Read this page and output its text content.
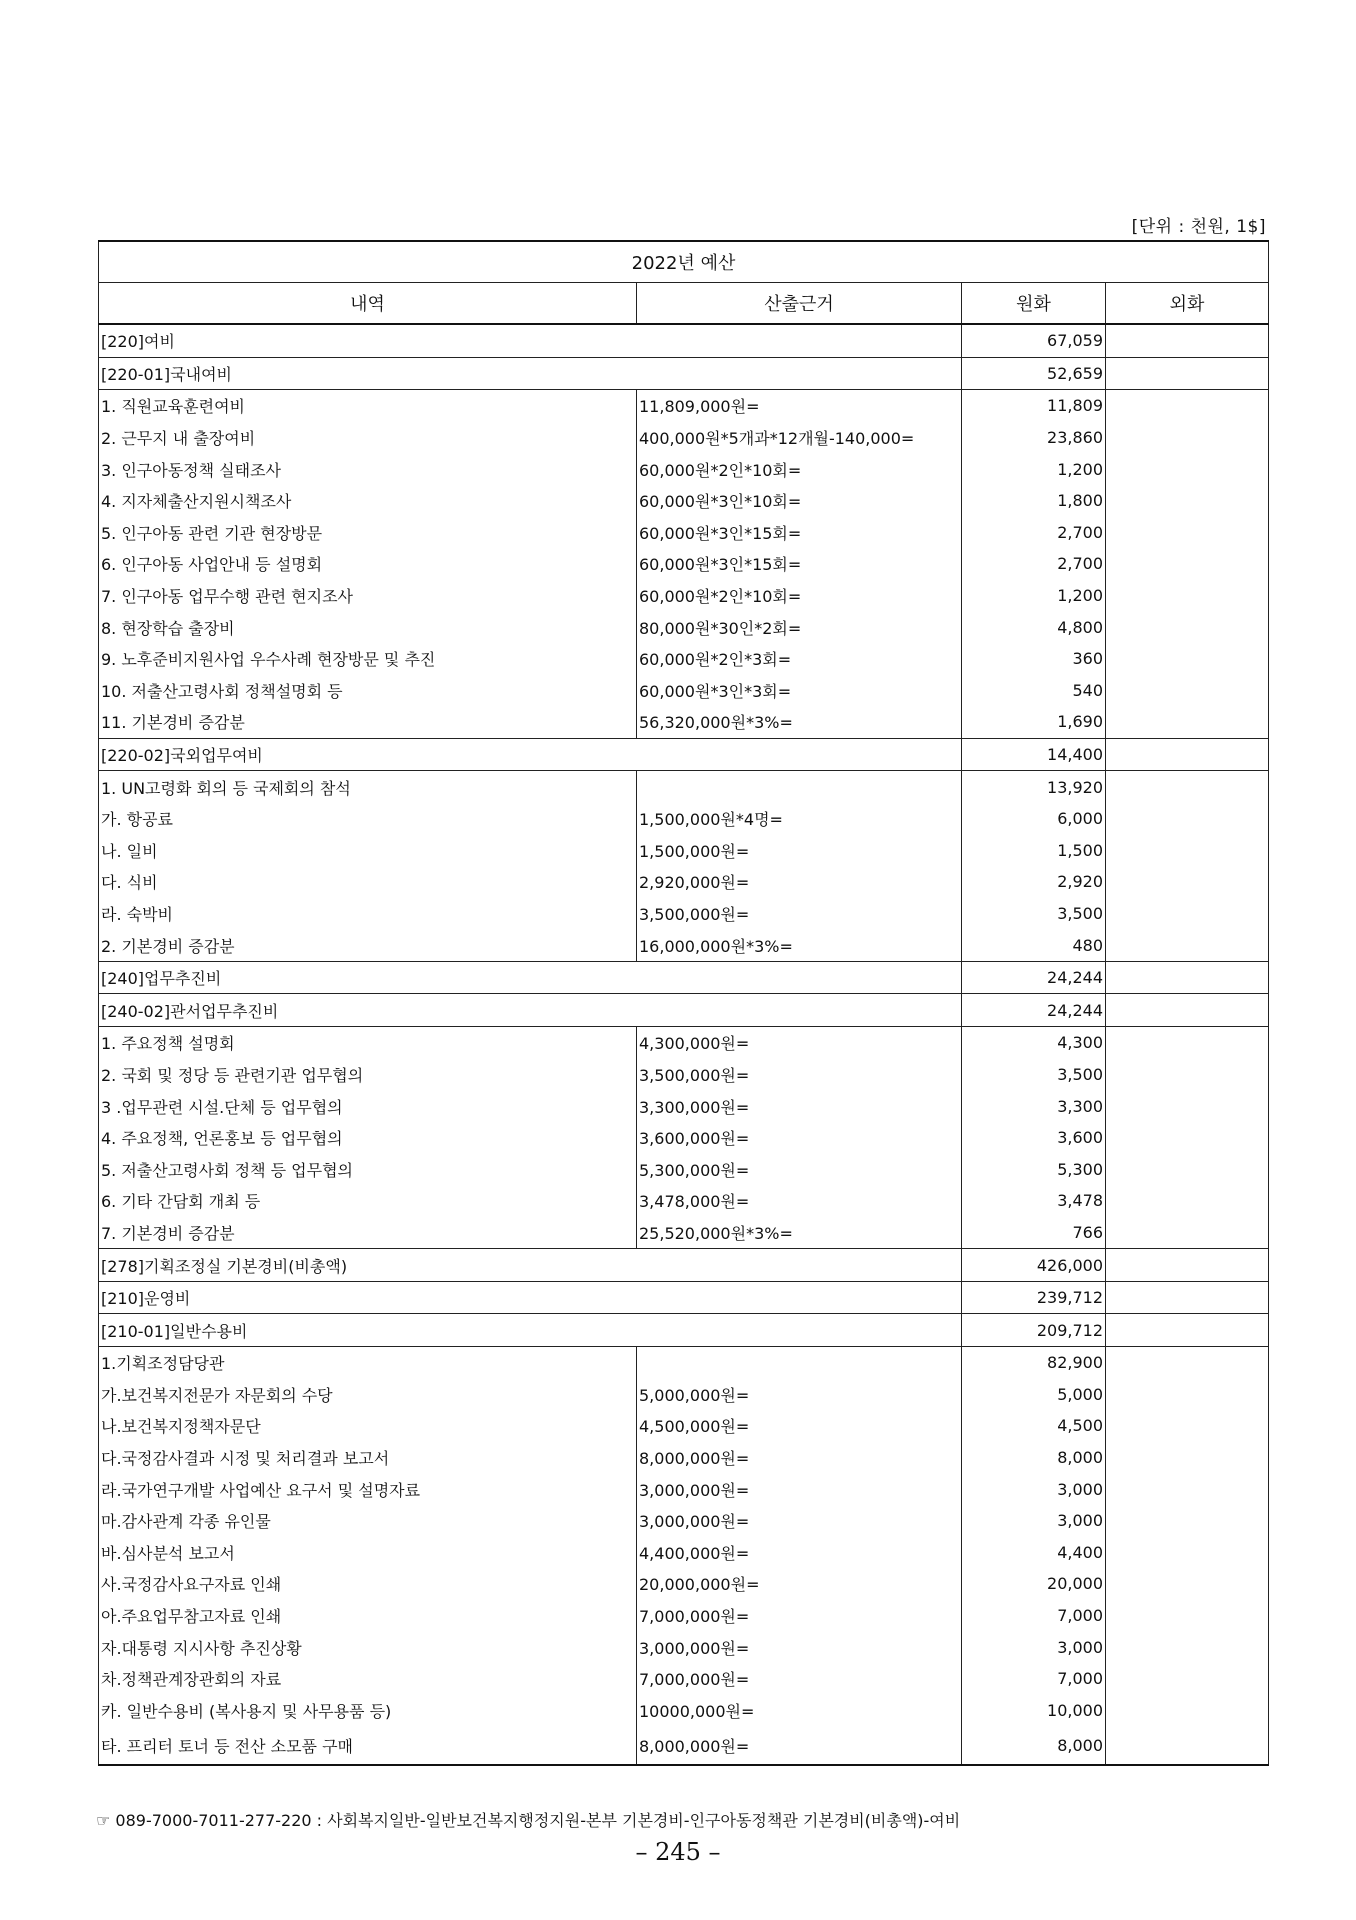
[단위 : 천원, 1$]
2022년 예산			
내역	산출근거	원화	외화
[220]여비		67,059	
[220-01]국내여비		52,659	
1. 직원교육훈련여비	11,809,000원=	11,809	
2. 근무지 내 출장여비	400,000원*5개과*12개월-140,000=	23,860	
3. 인구아동정책 실태조사	60,000원*2인*10회=	1,200	
4. 지자체출산지원시책조사	60,000원*3인*10회=	1,800	
5. 인구아동 관련 기관 현장방문	60,000원*3인*15회=	2,700	
6. 인구아동 사업안내 등 설명회	60,000원*3인*15회=	2,700	
7. 인구아동 업무수행 관련 현지조사	60,000원*2인*10회=	1,200	
8. 현장학습 출장비	80,000원*30인*2회=	4,800	
9. 노후준비지원사업 우수사례 현장방문 및 추진	60,000원*2인*3회=	360	
10. 저출산고령사회 정책설명회 등	60,000원*3인*3회=	540	
11. 기본경비 증감분	56,320,000원*3%=	1,690	
[220-02]국외업무여비		14,400	
1. UN고령화 회의 등 국제회의 참석		13,920	
가. 항공료	1,500,000원*4명=	6,000	
나. 일비	1,500,000원=	1,500	
다. 식비	2,920,000원=	2,920	
라. 숙박비	3,500,000원=	3,500	
2. 기본경비 증감분	16,000,000원*3%=	480	
[240]업무추진비		24,244	
[240-02]관서업무추진비		24,244	
1. 주요정책 설명회	4,300,000원=	4,300	
2. 국회 및 정당 등 관련기관 업무협의	3,500,000원=	3,500	
3 .업무관련 시설.단체 등 업무협의	3,300,000원=	3,300	
4. 주요정책, 언론홍보 등 업무협의	3,600,000원=	3,600	
5. 저출산고령사회 정책 등 업무협의	5,300,000원=	5,300	
6. 기타 간담회 개최 등	3,478,000원=	3,478	
7. 기본경비 증감분	25,520,000원*3%=	766	
[278]기획조정실 기본경비(비총액)		426,000	
[210]운영비		239,712	
[210-01]일반수용비		209,712	
1.기획조정담당관		82,900	
가.보건복지전문가 자문회의 수당	5,000,000원=	5,000	
나.보건복지정책자문단	4,500,000원=	4,500	
다.국정감사결과 시정 및 처리결과 보고서	8,000,000원=	8,000	
라.국가연구개발 사업예산 요구서 및 설명자료	3,000,000원=	3,000	
마.감사관계 각종 유인물	3,000,000원=	3,000	
바.심사분석 보고서	4,400,000원=	4,400	
사.국정감사요구자료 인쇄	20,000,000원=	20,000	
아.주요업무참고자료 인쇄	7,000,000원=	7,000	
자.대통령 지시사항 추진상황	3,000,000원=	3,000	
차.정책관계장관회의 자료	7,000,000원=	7,000	
카. 일반수용비 (복사용지 및 사무용품 등)	10000,000원=	10,000	
타. 프리터 토너 등 전산 소모품 구매	8,000,000원=	8,000	
☞ 089-7000-7011-277-220 : 사회복지일반-일반보건복지행정지원-본부 기본경비-인구아동정책관 기본경비(비총액)-여비
– 245 –
